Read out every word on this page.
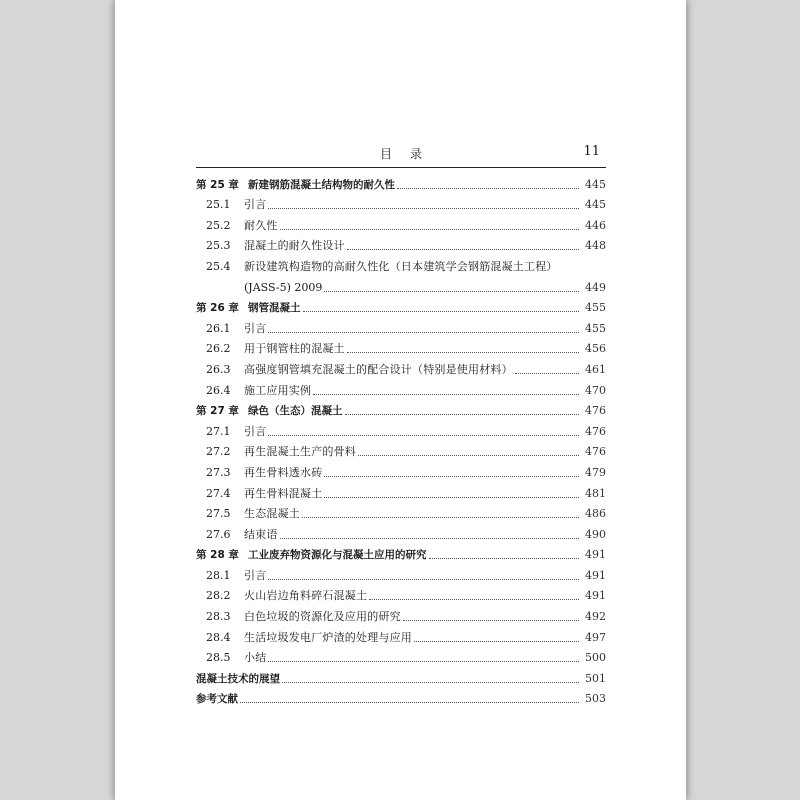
目录	11
第 25 章 新建钢筋混凝土结构物的耐久性	445
25.1	引言	445
25.2	耐久性	446
25.3	混凝土的耐久性设计	448
25.4	新设建筑构造物的高耐久性化（日本建筑学会钢筋混凝土工程）
(JASS-5) 2009	449
第 26 章 钢管混凝土	455
26.1	引言	455
26.2	用于钢管柱的混凝土	456
26.3	高强度钢管填充混凝土的配合设计（特别是使用材料）	461
26.4	施工应用实例	470
第 27 章 绿色（生态）混凝土	476
27.1	引言	476
27.2	再生混凝土生产的骨料	476
27.3	再生骨料透水砖	479
27.4	再生骨料混凝土	481
27.5	生态混凝土	486
27.6	结束语	490
第 28 章 工业废弃物资源化与混凝土应用的研究	491
28.1	引言	491
28.2	火山岩边角料碎石混凝土	491
28.3	白色垃圾的资源化及应用的研究	492
28.4	生活垃圾发电厂炉渣的处理与应用	497
28.5	小结	500
混凝土技术的展望	501
参考文献	503
